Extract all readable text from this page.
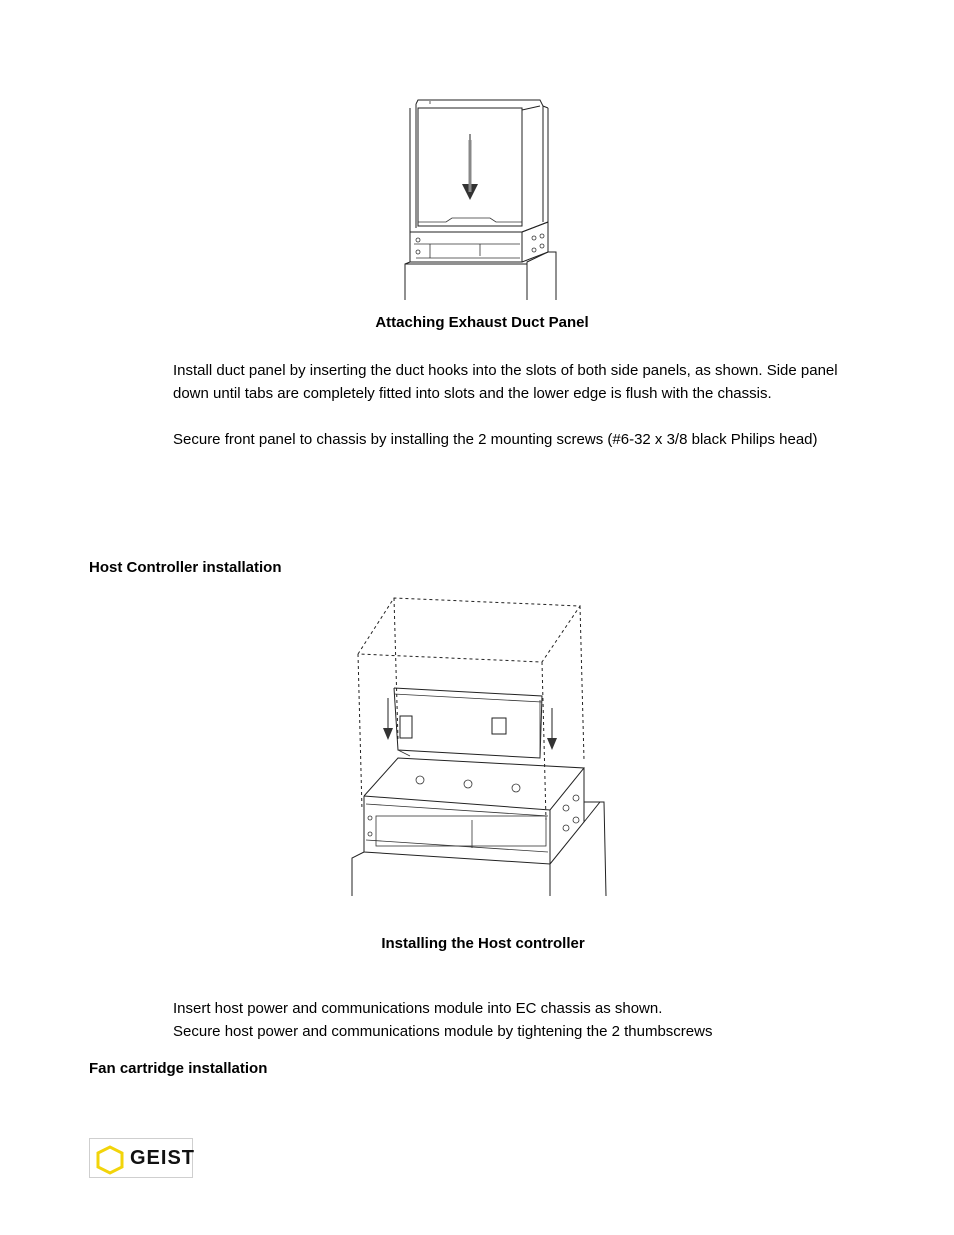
Attaching Exhaust Duct Panel
Install duct panel by inserting the duct hooks into the slots of both side panels, as shown. Side panel
down until tabs are completely fitted into slots and the lower edge is flush with the chassis.
Secure front panel to chassis by installing the 2 mounting screws (#6-32 x 3/8 black Philips head)
Host Controller installation
Installing the Host controller
Insert host power and communications module into EC chassis as shown.
Secure host power and communications module by tightening the 2 thumbscrews
Fan cartridge installation
GEIST
